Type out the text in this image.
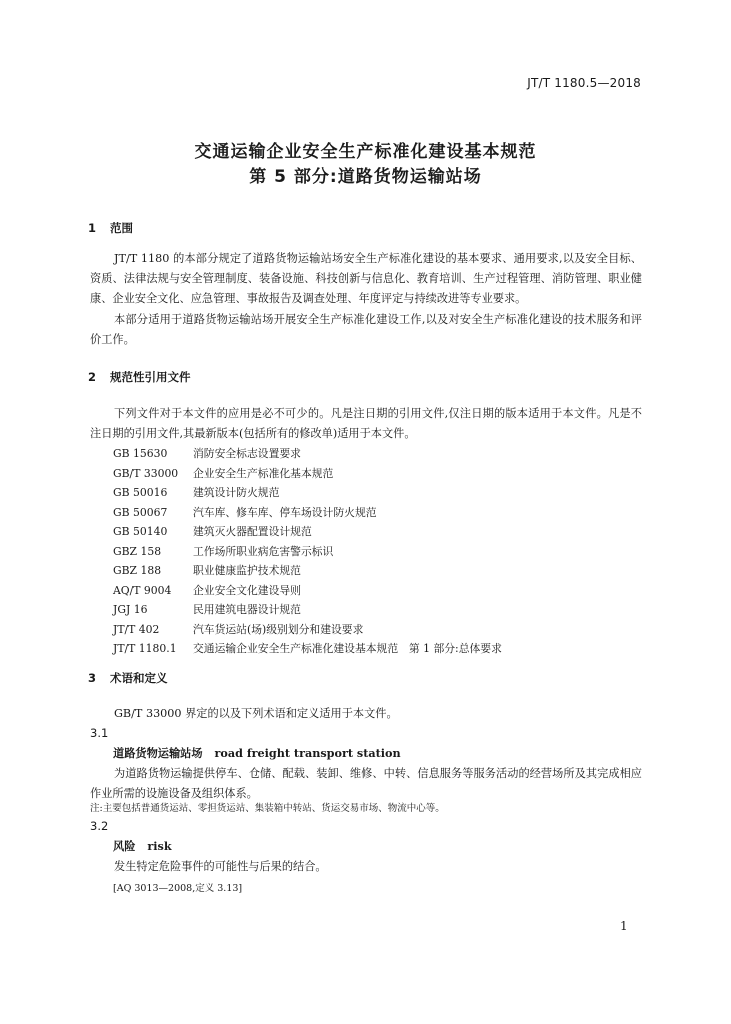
JT/T 1180.5—2018
交通运输企业安全生产标准化建设基本规范
第 5 部分:道路货物运输站场
1 范围
JT/T 1180 的本部分规定了道路货物运输站场安全生产标准化建设的基本要求、通用要求,以及安全目标、资质、法律法规与安全管理制度、装备设施、科技创新与信息化、教育培训、生产过程管理、消防管理、职业健康、企业安全文化、应急管理、事故报告及调查处理、年度评定与持续改进等专业要求。
本部分适用于道路货物运输站场开展安全生产标准化建设工作,以及对安全生产标准化建设的技术服务和评价工作。
2 规范性引用文件
下列文件对于本文件的应用是必不可少的。凡是注日期的引用文件,仅注日期的版本适用于本文件。凡是不注日期的引用文件,其最新版本(包括所有的修改单)适用于本文件。
GB 15630 消防安全标志设置要求
GB/T 33000 企业安全生产标准化基本规范
GB 50016 建筑设计防火规范
GB 50067 汽车库、修车库、停车场设计防火规范
GB 50140 建筑灭火器配置设计规范
GBZ 158	工作场所职业病危害警示标识
GBZ 188	职业健康监护技术规范
AQ/T 9004 企业安全文化建设导则
JGJ 16	民用建筑电器设计规范
JT/T 402	汽车货运站(场)级别划分和建设要求
JT/T 1180.1 交通运输企业安全生产标准化建设基本规范　第 1 部分:总体要求
3 术语和定义
GB/T 33000 界定的以及下列术语和定义适用于本文件。
3.1
道路货物运输站场 road freight transport station
为道路货物运输提供停车、仓储、配载、装卸、维修、中转、信息服务等服务活动的经营场所及其完成相应作业所需的设施设备及组织体系。
注:主要包括普通货运站、零担货运站、集装箱中转站、货运交易市场、物流中心等。
3.2
风险 risk
发生特定危险事件的可能性与后果的结合。
[AQ 3013—2008,定义 3.13]
1
